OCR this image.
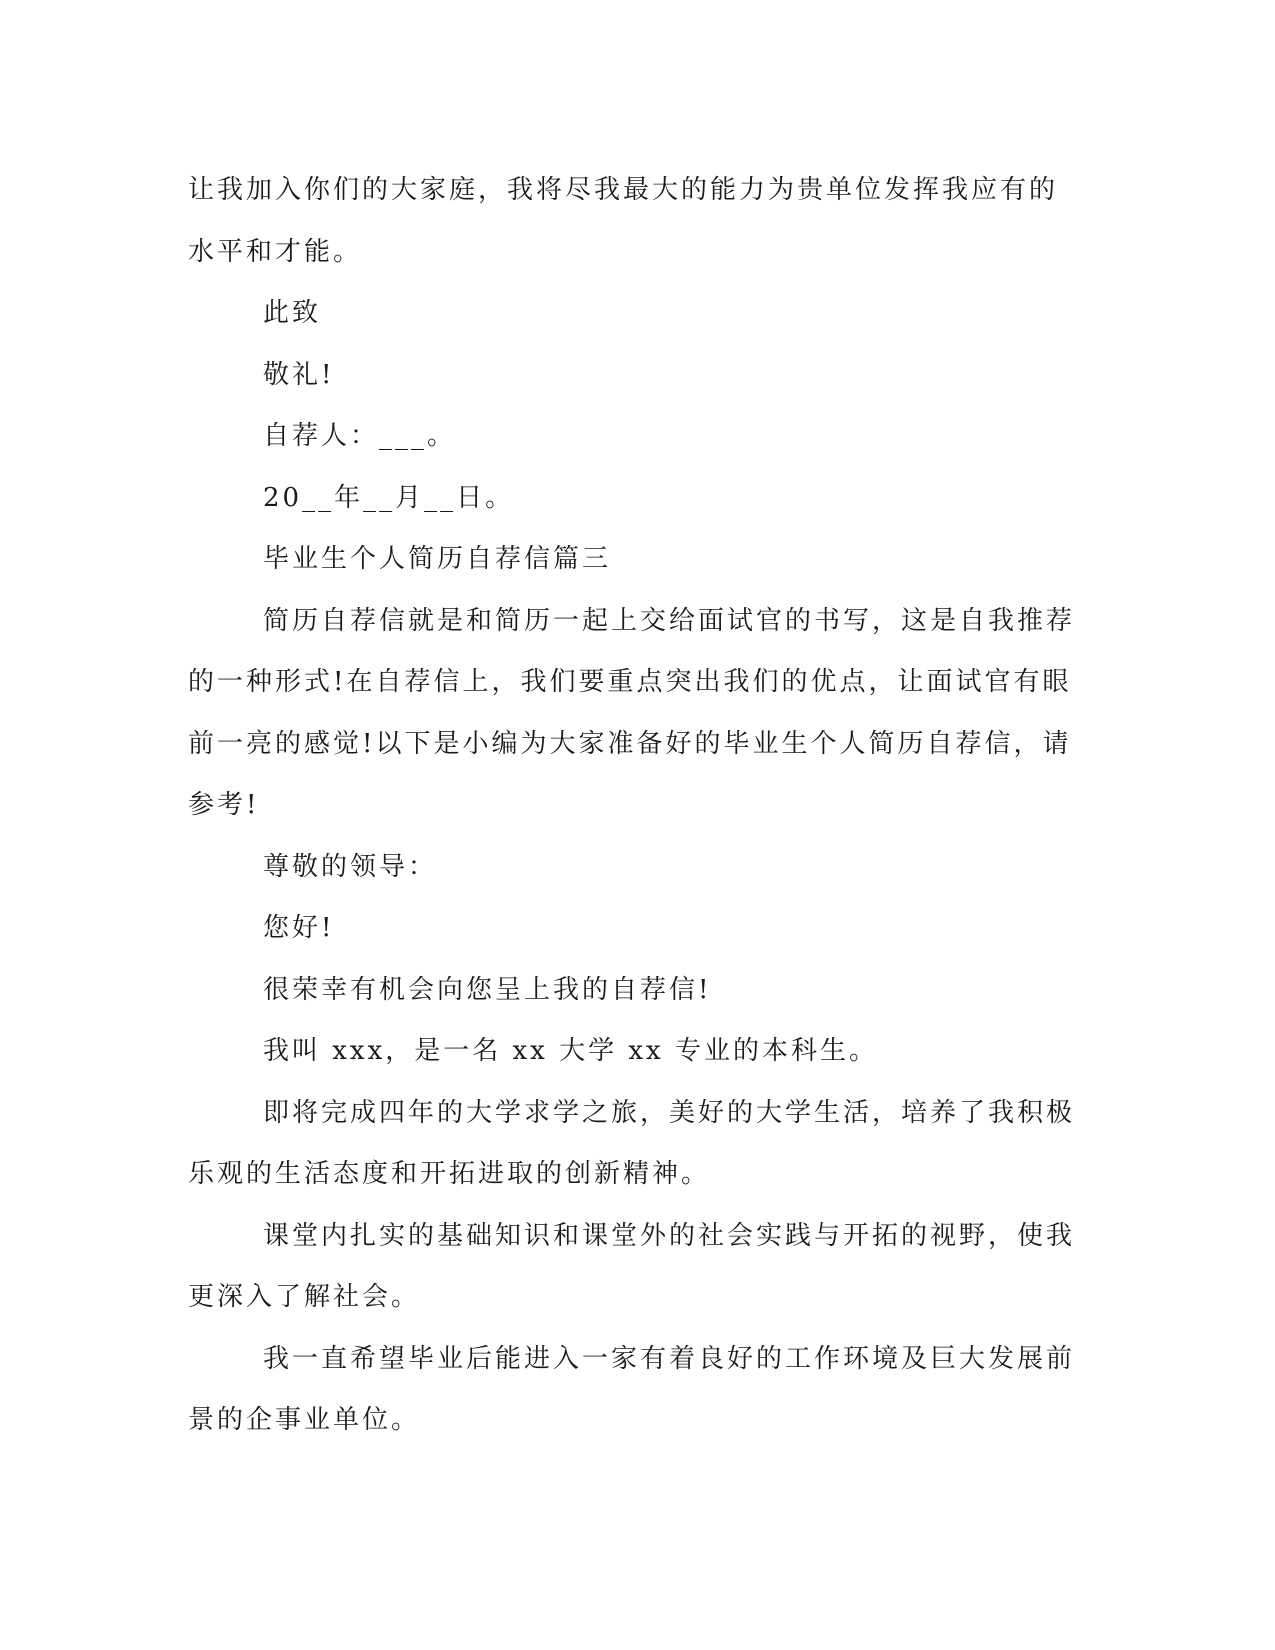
让我加入你们的大家庭，我将尽我最大的能力为贵单位发挥我应有的水平和才能。

此致

敬礼!

自荐人：___。

20__年__月__日。

毕业生个人简历自荐信篇三

简历自荐信就是和简历一起上交给面试官的书写，这是自我推荐的一种形式!在自荐信上，我们要重点突出我们的优点，让面试官有眼前一亮的感觉!以下是小编为大家准备好的毕业生个人简历自荐信，请参考!

尊敬的领导：

您好!

很荣幸有机会向您呈上我的自荐信!

我叫 xxx，是一名 xx 大学 xx 专业的本科生。

即将完成四年的大学求学之旅，美好的大学生活，培养了我积极乐观的生活态度和开拓进取的创新精神。

课堂内扎实的基础知识和课堂外的社会实践与开拓的视野，使我更深入了解社会。

我一直希望毕业后能进入一家有着良好的工作环境及巨大发展前景的企事业单位。
